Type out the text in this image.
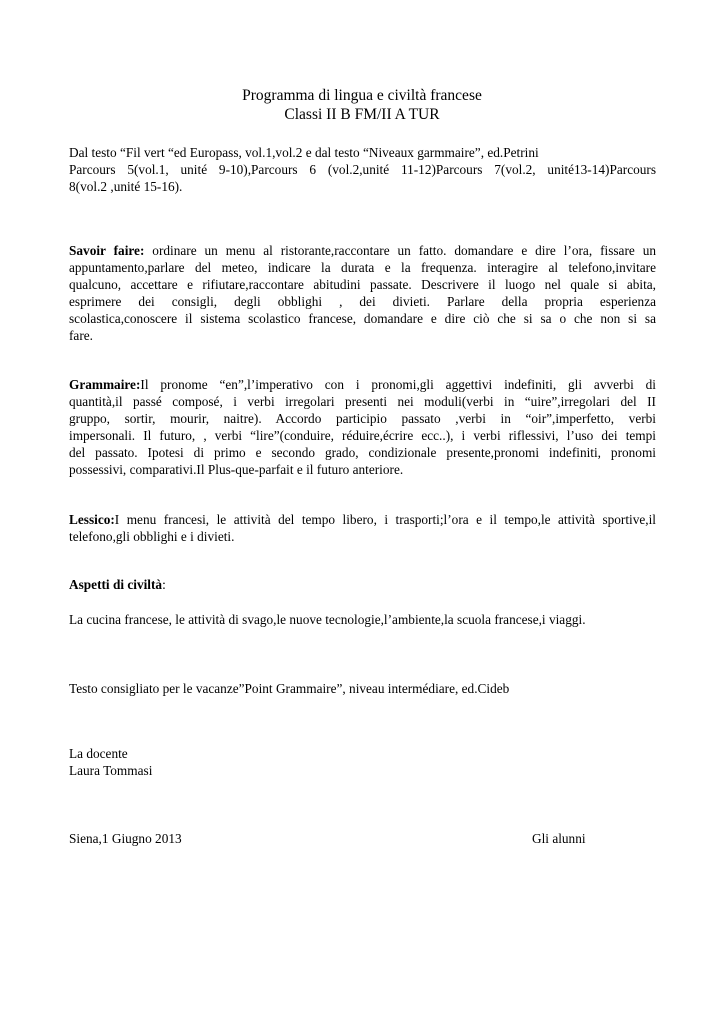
Programma di lingua e civiltà francese
Classi II B FM/II A TUR
Dal testo “Fil vert “ed Europass, vol.1,vol.2 e dal testo “Niveaux garmmaire”, ed.Petrini
Parcours 5(vol.1, unité 9-10),Parcours 6 (vol.2,unité 11-12)Parcours 7(vol.2, unité13-14)Parcours
8(vol.2 ,unité 15-16).
Savoir faire: ordinare un menu al ristorante,raccontare un fatto. domandare e dire l’ora, fissare un
appuntamento,parlare del meteo, indicare la durata e la frequenza. interagire al telefono,invitare
qualcuno, accettare e rifiutare,raccontare abitudini passate. Descrivere il luogo nel quale si abita,
esprimere dei consigli, degli obblighi , dei divieti. Parlare della propria esperienza
scolastica,conoscere il sistema scolastico francese, domandare e dire ciò che si sa o che non si sa
fare.
Grammaire:Il pronome “en”,l’imperativo con i pronomi,gli aggettivi indefiniti, gli avverbi di
quantità,il passé composé, i verbi irregolari presenti nei moduli(verbi in “uire”,irregolari del II
gruppo, sortir, mourir, naitre). Accordo participio passato ,verbi in “oir”,imperfetto, verbi
impersonali. Il futuro, , verbi “lire”(conduire, réduire,écrire ecc..), i verbi riflessivi, l’uso dei tempi
del passato. Ipotesi di primo e secondo grado, condizionale presente,pronomi indefiniti, pronomi
possessivi, comparativi.Il Plus-que-parfait e il futuro anteriore.
Lessico:I menu francesi, le attività del tempo libero, i trasporti;l’ora e il tempo,le attività sportive,il
telefono,gli obblighi e i divieti.
Aspetti di civiltà:
La cucina francese, le attività di svago,le nuove tecnologie,l’ambiente,la scuola francese,i viaggi.
Testo consigliato per le vacanze”Point Grammaire”, niveau intermédiare, ed.Cideb
La docente
Laura Tommasi
Siena,1 Giugno 2013	Gli alunni
